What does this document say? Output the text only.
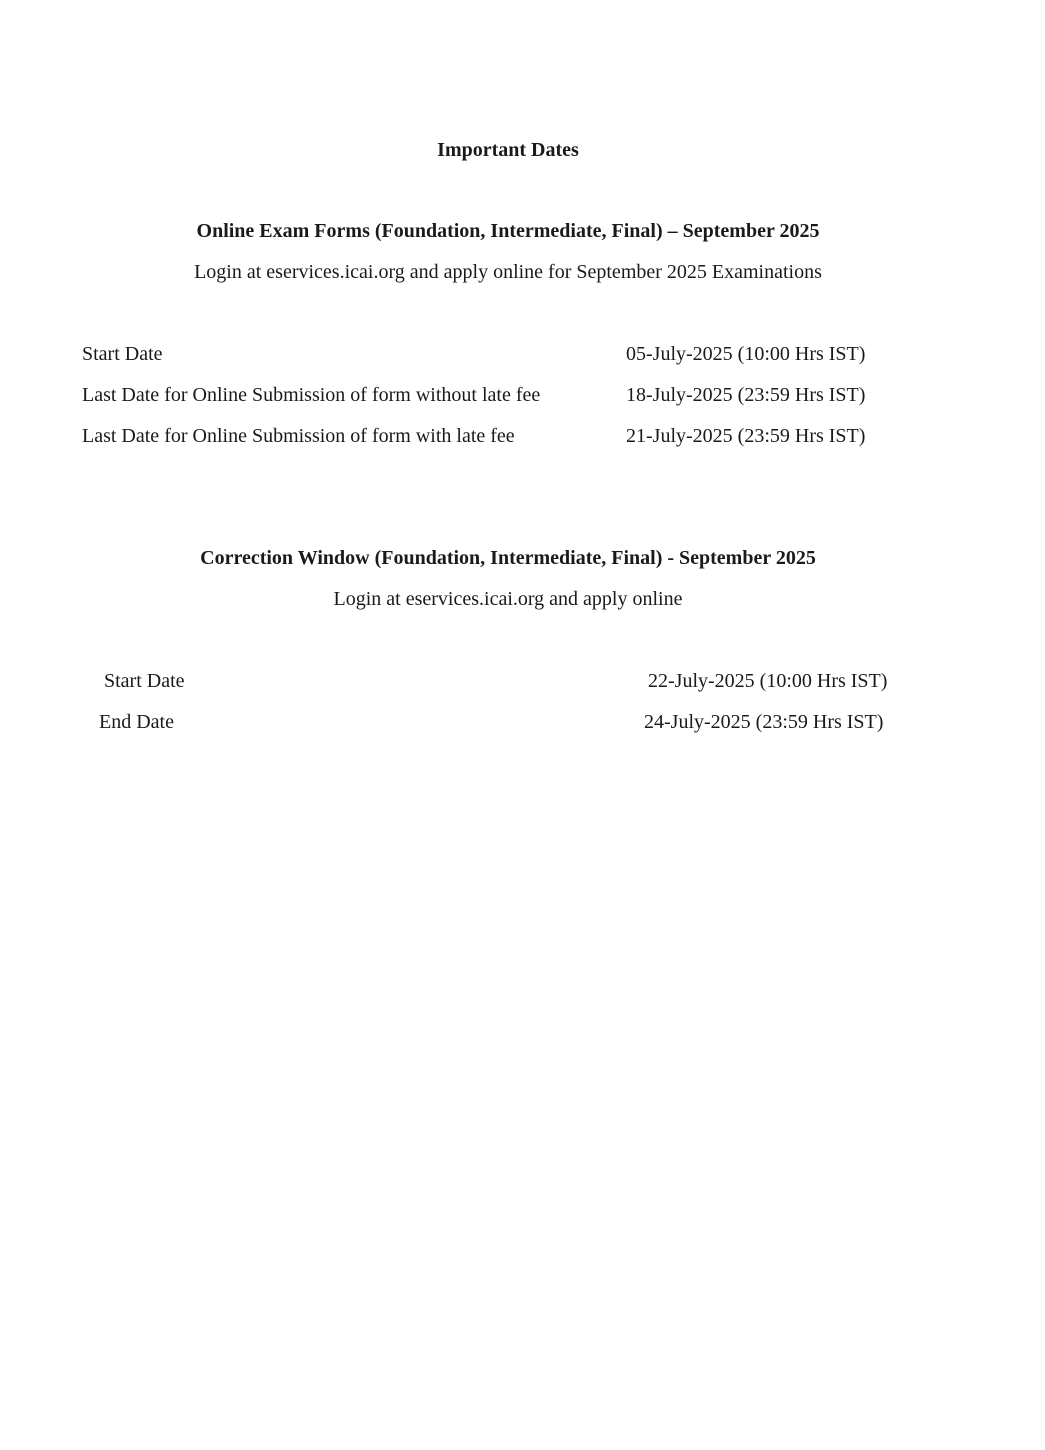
Important Dates
Online Exam Forms (Foundation, Intermediate, Final) – September 2025
Login at eservices.icai.org and apply online for September 2025 Examinations
Start Date	05-July-2025 (10:00 Hrs IST)
Last Date for Online Submission of form without late fee	18-July-2025 (23:59 Hrs IST)
Last Date for Online Submission of form with late fee	21-July-2025 (23:59 Hrs IST)
Correction Window (Foundation, Intermediate, Final) - September 2025
Login at eservices.icai.org and apply online
Start Date	22-July-2025 (10:00 Hrs IST)
End Date	24-July-2025 (23:59 Hrs IST)
